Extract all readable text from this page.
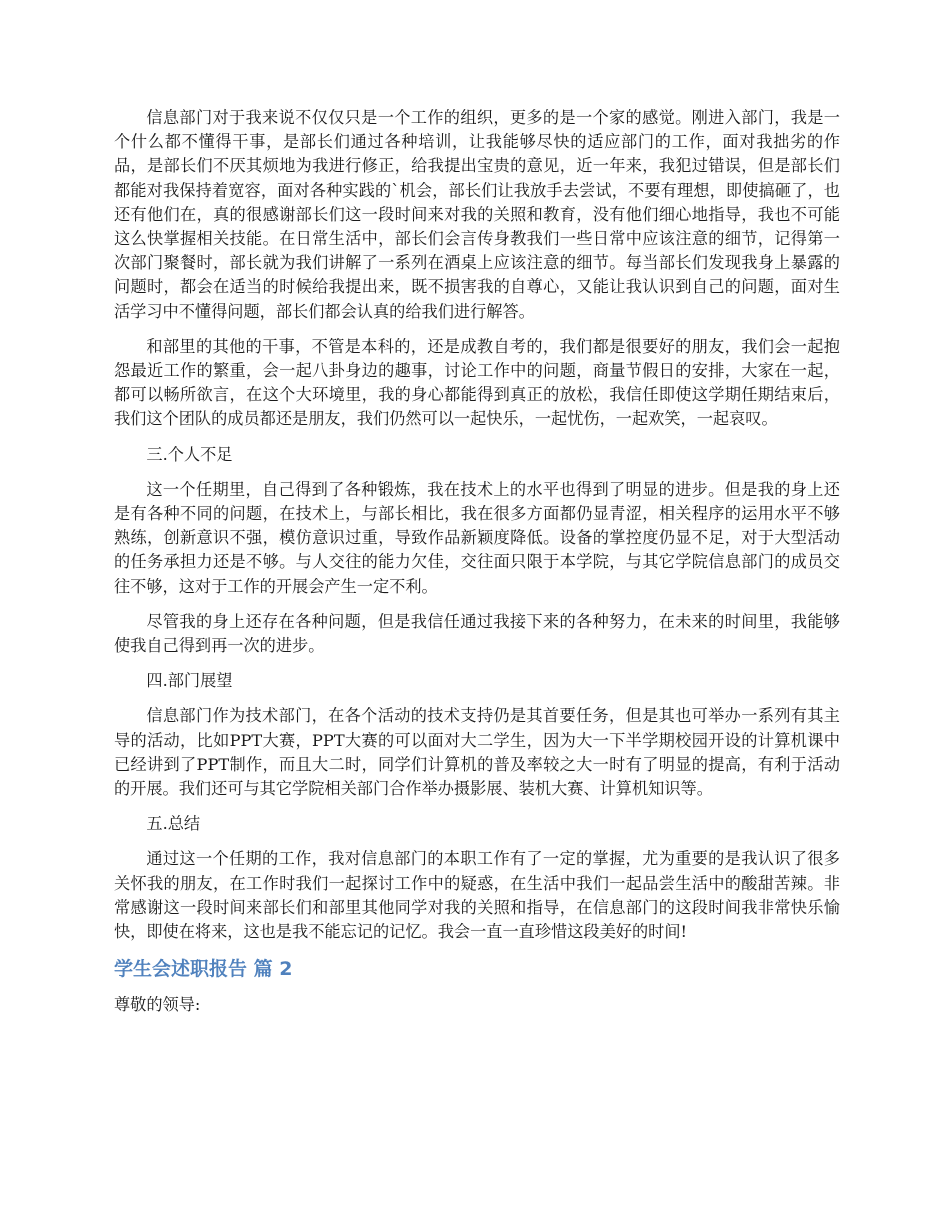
信息部门对于我来说不仅仅只是一个工作的组织，更多的是一个家的感觉。刚进入部门，我是一个什么都不懂得干事，是部长们通过各种培训，让我能够尽快的适应部门的工作，面对我拙劣的作品，是部长们不厌其烦地为我进行修正，给我提出宝贵的意见，近一年来，我犯过错误，但是部长们都能对我保持着宽容，面对各种实践的`机会，部长们让我放手去尝试，不要有理想，即使搞砸了，也还有他们在，真的很感谢部长们这一段时间来对我的关照和教育，没有他们细心地指导，我也不可能这么快掌握相关技能。在日常生活中，部长们会言传身教我们一些日常中应该注意的细节，记得第一次部门聚餐时，部长就为我们讲解了一系列在酒桌上应该注意的细节。每当部长们发现我身上暴露的问题时，都会在适当的时候给我提出来，既不损害我的自尊心，又能让我认识到自己的问题，面对生活学习中不懂得问题，部长们都会认真的给我们进行解答。

和部里的其他的干事，不管是本科的，还是成教自考的，我们都是很要好的朋友，我们会一起抱怨最近工作的繁重，会一起八卦身边的趣事，讨论工作中的问题，商量节假日的安排，大家在一起，都可以畅所欲言，在这个大环境里，我的身心都能得到真正的放松，我信任即使这学期任期结束后，我们这个团队的成员都还是朋友，我们仍然可以一起快乐，一起忧伤，一起欢笑，一起哀叹。

三.个人不足

这一个任期里，自己得到了各种锻炼，我在技术上的水平也得到了明显的进步。但是我的身上还是有各种不同的问题，在技术上，与部长相比，我在很多方面都仍显青涩，相关程序的运用水平不够熟练，创新意识不强，模仿意识过重，导致作品新颖度降低。设备的掌控度仍显不足，对于大型活动的任务承担力还是不够。与人交往的能力欠佳，交往面只限于本学院，与其它学院信息部门的成员交往不够，这对于工作的开展会产生一定不利。

尽管我的身上还存在各种问题，但是我信任通过我接下来的各种努力，在未来的时间里，我能够使我自己得到再一次的进步。

四.部门展望

信息部门作为技术部门，在各个活动的技术支持仍是其首要任务，但是其也可举办一系列有其主导的活动，比如PPT大赛，PPT大赛的可以面对大二学生，因为大一下半学期校园开设的计算机课中已经讲到了PPT制作，而且大二时，同学们计算机的普及率较之大一时有了明显的提高，有利于活动的开展。我们还可与其它学院相关部门合作举办摄影展、装机大赛、计算机知识等。

五.总结

通过这一个任期的工作，我对信息部门的本职工作有了一定的掌握，尤为重要的是我认识了很多关怀我的朋友，在工作时我们一起探讨工作中的疑惑，在生活中我们一起品尝生活中的酸甜苦辣。非常感谢这一段时间来部长们和部里其他同学对我的关照和指导，在信息部门的这段时间我非常快乐愉快，即使在将来，这也是我不能忘记的记忆。我会一直一直珍惜这段美好的时间!

学生会述职报告 篇 2

尊敬的领导:
